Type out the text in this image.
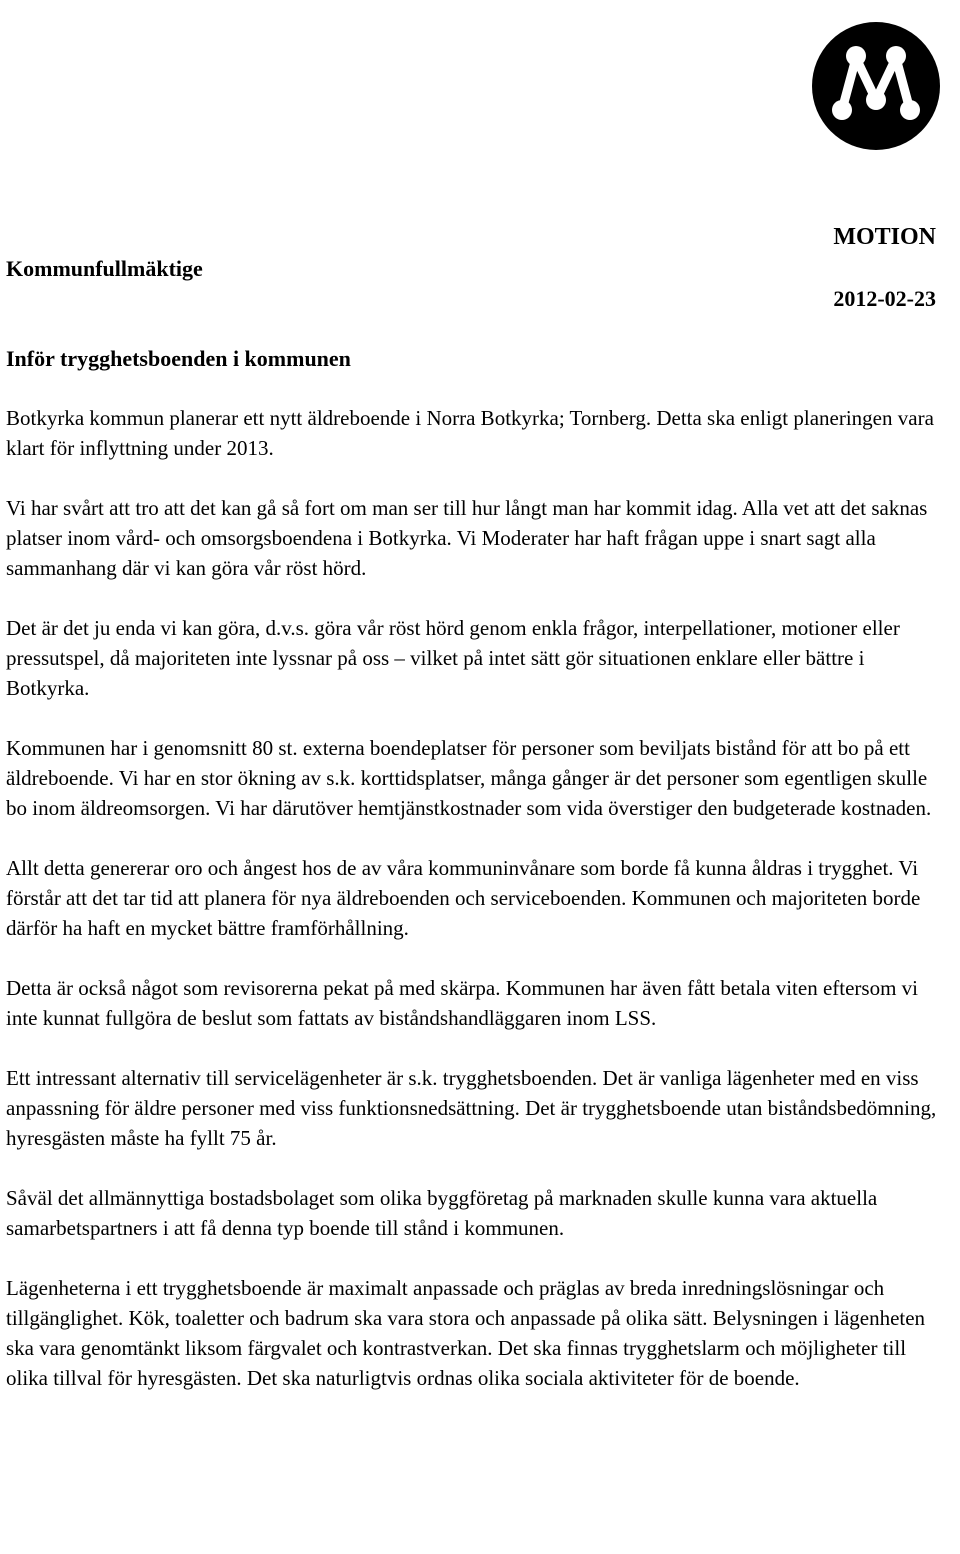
MOTION

Kommunfullmäktige

2012-02-23

Inför trygghetsboenden i kommunen

Botkyrka kommun planerar ett nytt äldreboende i Norra Botkyrka; Tornberg. Detta ska enligt planeringen vara klart för inflyttning under 2013.

Vi har svårt att tro att det kan gå så fort om man ser till hur långt man har kommit idag. Alla vet att det saknas platser inom vård- och omsorgsboendena i Botkyrka. Vi Moderater har haft frågan uppe i snart sagt alla sammanhang där vi kan göra vår röst hörd.

Det är det ju enda vi kan göra, d.v.s. göra vår röst hörd genom enkla frågor, interpellationer, motioner eller pressutspel, då majoriteten inte lyssnar på oss – vilket på intet sätt gör situationen enklare eller bättre i Botkyrka.

Kommunen har i genomsnitt 80 st. externa boendeplatser för personer som beviljats bistånd för att bo på ett äldreboende. Vi har en stor ökning av s.k. korttidsplatser, många gånger är det personer som egentligen skulle bo inom äldreomsorgen. Vi har därutöver hemtjänstkostnader som vida överstiger den budgeterade kostnaden.

Allt detta genererar oro och ångest hos de av våra kommuninvånare som borde få kunna åldras i trygghet. Vi förstår att det tar tid att planera för nya äldreboenden och serviceboenden. Kommunen och majoriteten borde därför ha haft en mycket bättre framförhållning.

Detta är också något som revisorerna pekat på med skärpa. Kommunen har även fått betala viten eftersom vi inte kunnat fullgöra de beslut som fattats av biståndshandläggaren inom LSS.

Ett intressant alternativ till servicelägenheter är s.k. trygghetsboenden. Det är vanliga lägenheter med en viss anpassning för äldre personer med viss funktionsnedsättning. Det är trygghetsboende utan biståndsbedömning, hyresgästen måste ha fyllt 75 år.

Såväl det allmännyttiga bostadsbolaget som olika byggföretag på marknaden skulle kunna vara aktuella samarbetspartners i att få denna typ boende till stånd i kommunen.

Lägenheterna i ett trygghetsboende är maximalt anpassade och präglas av breda inredningslösningar och tillgänglighet. Kök, toaletter och badrum ska vara stora och anpassade på olika sätt. Belysningen i lägenheten ska vara genomtänkt liksom färgvalet och kontrastverkan. Det ska finnas trygghetslarm och möjligheter till olika tillval för hyresgästen. Det ska naturligtvis ordnas olika sociala aktiviteter för de boende.
